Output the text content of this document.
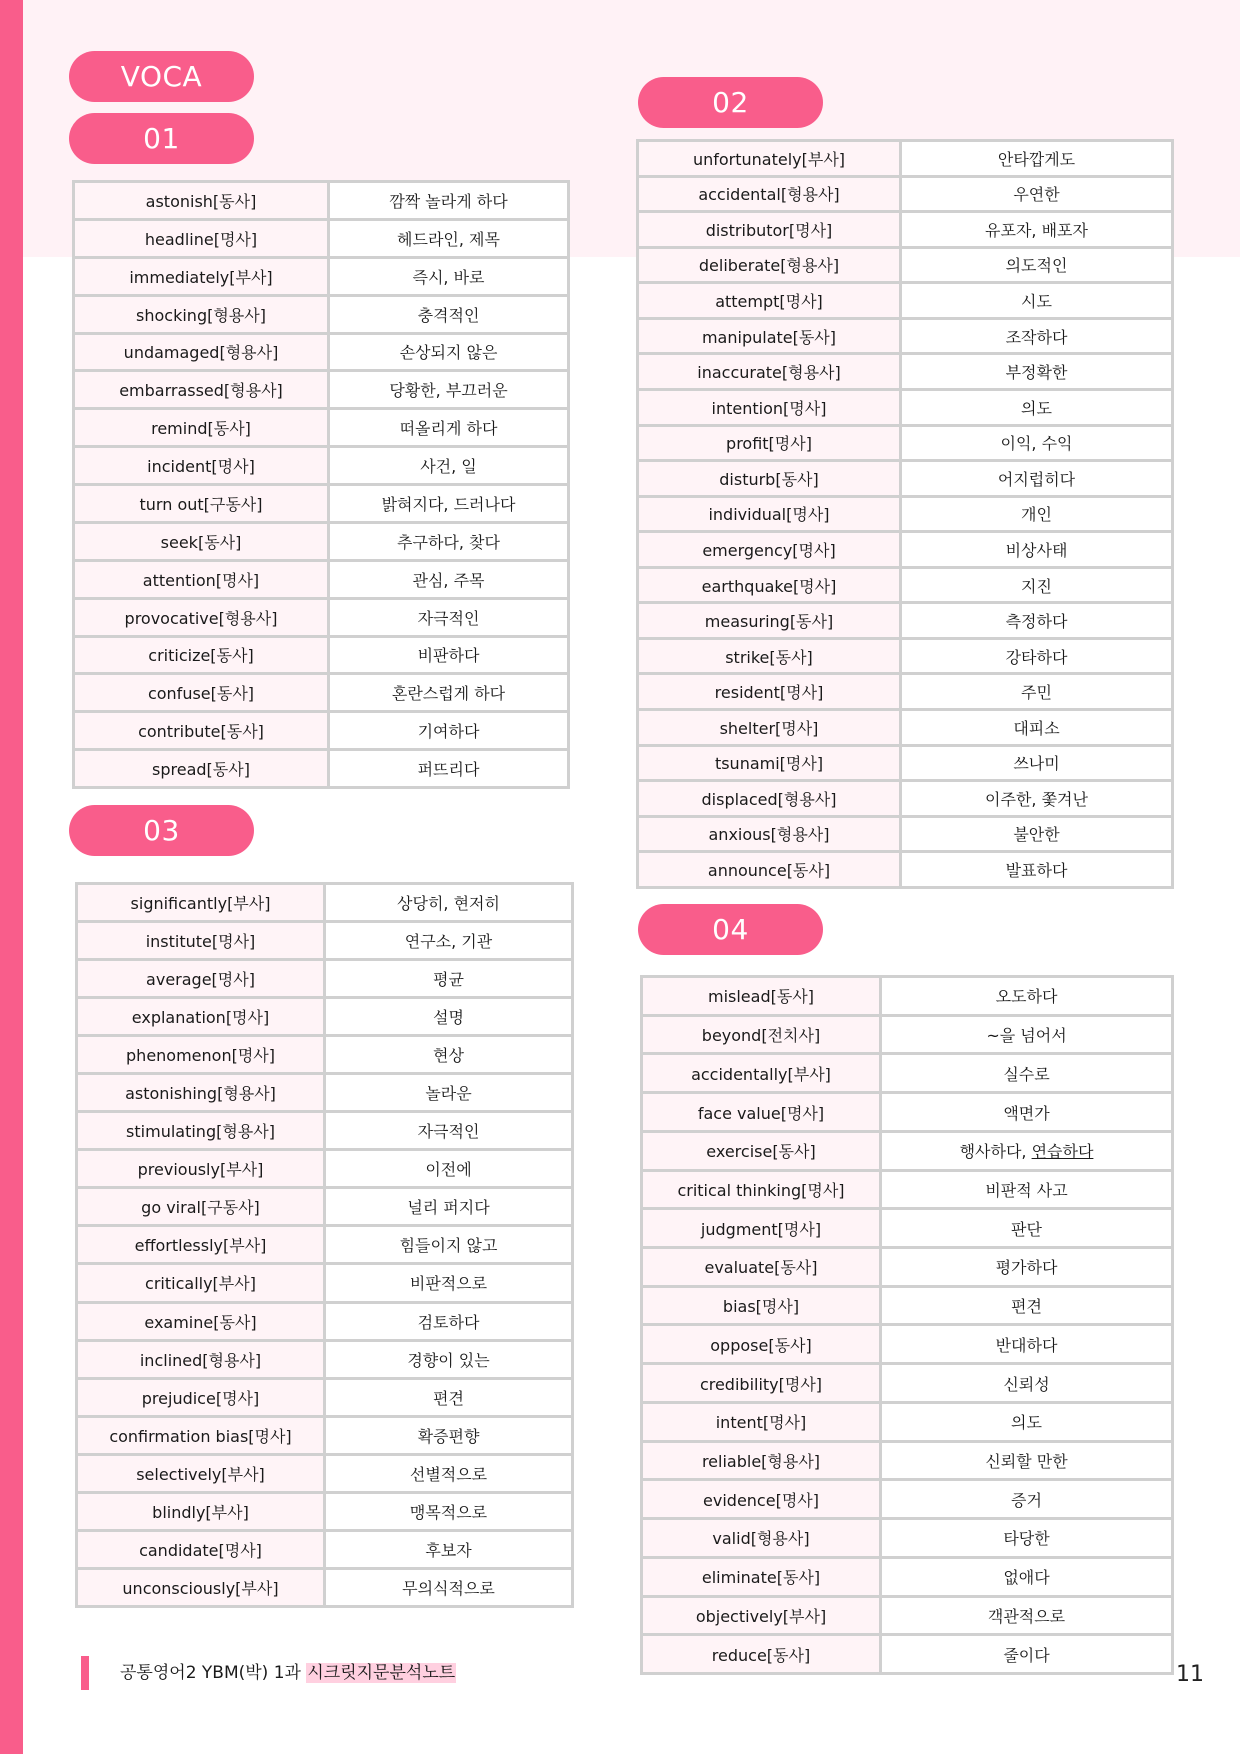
VOCA
01
astonish[동사]	깜짝 놀라게 하다
headline[명사]	헤드라인, 제목
immediately[부사]	즉시, 바로
shocking[형용사]	충격적인
undamaged[형용사]	손상되지 않은
embarrassed[형용사]	당황한, 부끄러운
remind[동사]	떠올리게 하다
incident[명사]	사건, 일
turn out[구동사]	밝혀지다, 드러나다
seek[동사]	추구하다, 찾다
attention[명사]	관심, 주목
provocative[형용사]	자극적인
criticize[동사]	비판하다
confuse[동사]	혼란스럽게 하다
contribute[동사]	기여하다
spread[동사]	퍼뜨리다
03
significantly[부사]	상당히, 현저히
institute[명사]	연구소, 기관
average[명사]	평균
explanation[명사]	설명
phenomenon[명사]	현상
astonishing[형용사]	놀라운
stimulating[형용사]	자극적인
previously[부사]	이전에
go viral[구동사]	널리 퍼지다
effortlessly[부사]	힘들이지 않고
critically[부사]	비판적으로
examine[동사]	검토하다
inclined[형용사]	경향이 있는
prejudice[명사]	편견
confirmation bias[명사]	확증편향
selectively[부사]	선별적으로
blindly[부사]	맹목적으로
candidate[명사]	후보자
unconsciously[부사]	무의식적으로
02
unfortunately[부사]	안타깝게도
accidental[형용사]	우연한
distributor[명사]	유포자, 배포자
deliberate[형용사]	의도적인
attempt[명사]	시도
manipulate[동사]	조작하다
inaccurate[형용사]	부정확한
intention[명사]	의도
profit[명사]	이익, 수익
disturb[동사]	어지럽히다
individual[명사]	개인
emergency[명사]	비상사태
earthquake[명사]	지진
measuring[동사]	측정하다
strike[동사]	강타하다
resident[명사]	주민
shelter[명사]	대피소
tsunami[명사]	쓰나미
displaced[형용사]	이주한, 쫓겨난
anxious[형용사]	불안한
announce[동사]	발표하다
04
mislead[동사]	오도하다
beyond[전치사]	~을 넘어서
accidentally[부사]	실수로
face value[명사]	액면가
exercise[동사]	행사하다, 연습하다
critical thinking[명사]	비판적 사고
judgment[명사]	판단
evaluate[동사]	평가하다
bias[명사]	편견
oppose[동사]	반대하다
credibility[명사]	신뢰성
intent[명사]	의도
reliable[형용사]	신뢰할 만한
evidence[명사]	증거
valid[형용사]	타당한
eliminate[동사]	없애다
objectively[부사]	객관적으로
reduce[동사]	줄이다
공통영어2 YBM(박) 1과 시크릿지문분석노트	11
